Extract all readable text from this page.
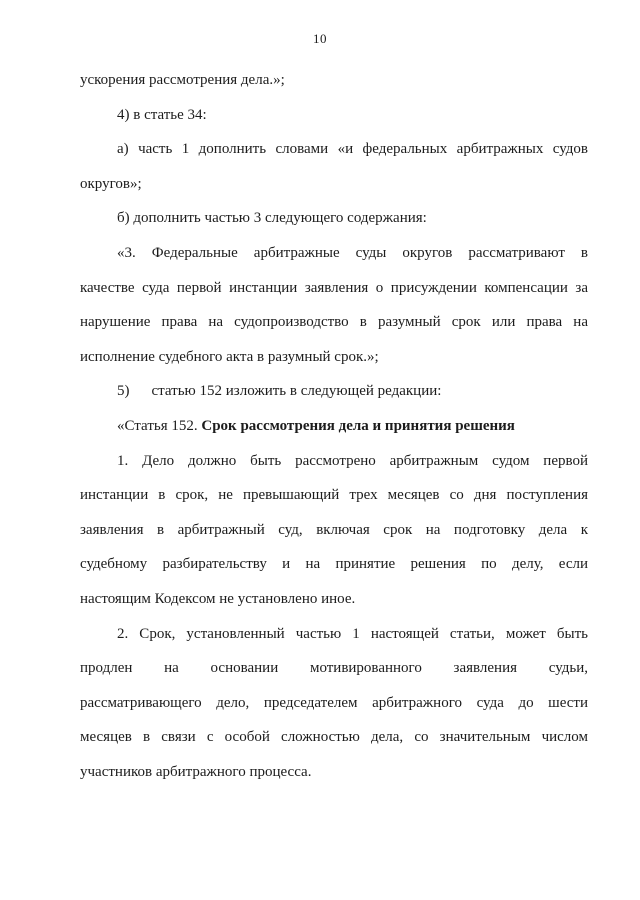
10
ускорения рассмотрения дела.»;
4) в статье 34:
а) часть 1 дополнить словами «и федеральных арбитражных судов
округов»;
б) дополнить частью 3 следующего содержания:
«3. Федеральные арбитражные суды округов рассматривают в
качестве суда первой инстанции заявления о присуждении компенсации за
нарушение права на судопроизводство в разумный срок или права на
исполнение судебного акта в разумный срок.»;
5) статью 152 изложить в следующей редакции:
«Статья 152. Срок рассмотрения дела и принятия решения
1. Дело должно быть рассмотрено арбитражным судом первой
инстанции в срок, не превышающий трех месяцев со дня поступления
заявления в арбитражный суд, включая срок на подготовку дела к
судебному разбирательству и на принятие решения по делу, если
настоящим Кодексом не установлено иное.
2. Срок, установленный частью 1 настоящей статьи, может быть
продлен на основании мотивированного заявления судьи,
рассматривающего дело, председателем арбитражного суда до шести
месяцев в связи с особой сложностью дела, со значительным числом
участников арбитражного процесса.
